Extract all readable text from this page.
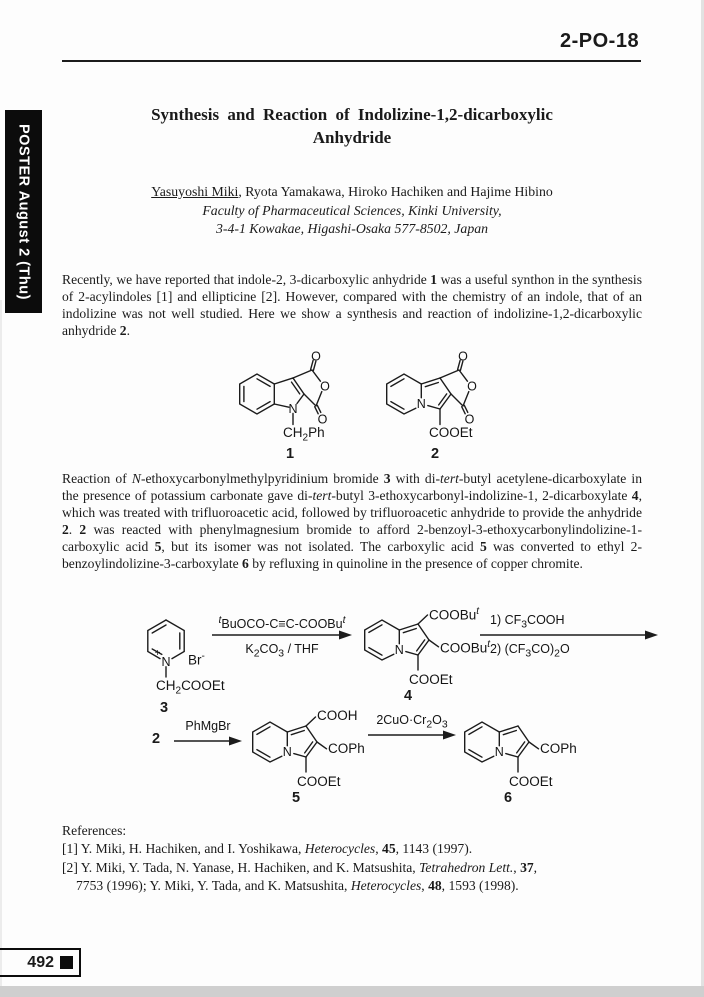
2-PO-18
POSTER August 2 (Thu)
Synthesis and Reaction of Indolizine-1,2-dicarboxylic
Anhydride
Yasuyoshi Miki, Ryota Yamakawa, Hiroko Hachiken and Hajime Hibino
Faculty of Pharmaceutical Sciences, Kinki University,
3-4-1 Kowakae, Higashi-Osaka 577-8502, Japan
Recently, we have reported that indole-2, 3-dicarboxylic anhydride 1 was a useful synthon in the synthesis of 2-acylindoles [1] and ellipticine [2]. However, compared with the chemistry of an indole, that of an indolizine was not well studied. Here we show a synthesis and reaction of indolizine-1,2-dicarboxylic anhydride 2.
Reaction of N-ethoxycarbonylmethylpyridinium bromide 3 with di-tert-butyl acetylene-dicarboxylate in the presence of potassium carbonate gave di-tert-butyl 3-ethoxycarbonyl-indolizine-1, 2-dicarboxylate 4, which was treated with trifluoroacetic acid, followed by trifluoroacetic anhydride to provide the anhydride 2. 2 was reacted with phenylmagnesium bromide to afford 2-benzoyl-3-ethoxycarbonylindolizine-1-carboxylic acid 5, but its isomer was not isolated. The carboxylic acid 5 was converted to ethyl 2-benzoylindolizine-3-carboxylate 6 by refluxing in quinoline in the presence of copper chromite.
O
O
O
N
$CH_2Ph$
1
O
O
O
N
COOEt
2
N
+ Br-
$CH_2COOEt$
3
$^t$BuOCO-C≡C-COOBu$^t$
$K_2CO_3$ / THF	N
COOBu$^t$
COOBu$^t$
COOEt
4
1) $CF_3COOH$
2) $(CF_3CO)_2O$
2
PhMgBr
N
COOH
COPh
COOEt
5
$2CuO\cdot Cr_2O_3$
N	COPh
COOEt
6
References:
[1] Y. Miki, H. Hachiken, and I. Yoshikawa, Heterocycles, 45, 1143 (1997).
[2] Y. Miki, Y. Tada, N. Yanase, H. Hachiken, and K. Matsushita, Tetrahedron Lett., 37,
7753 (1996); Y. Miki, Y. Tada, and K. Matsushita, Heterocycles, 48, 1593 (1998).
492
